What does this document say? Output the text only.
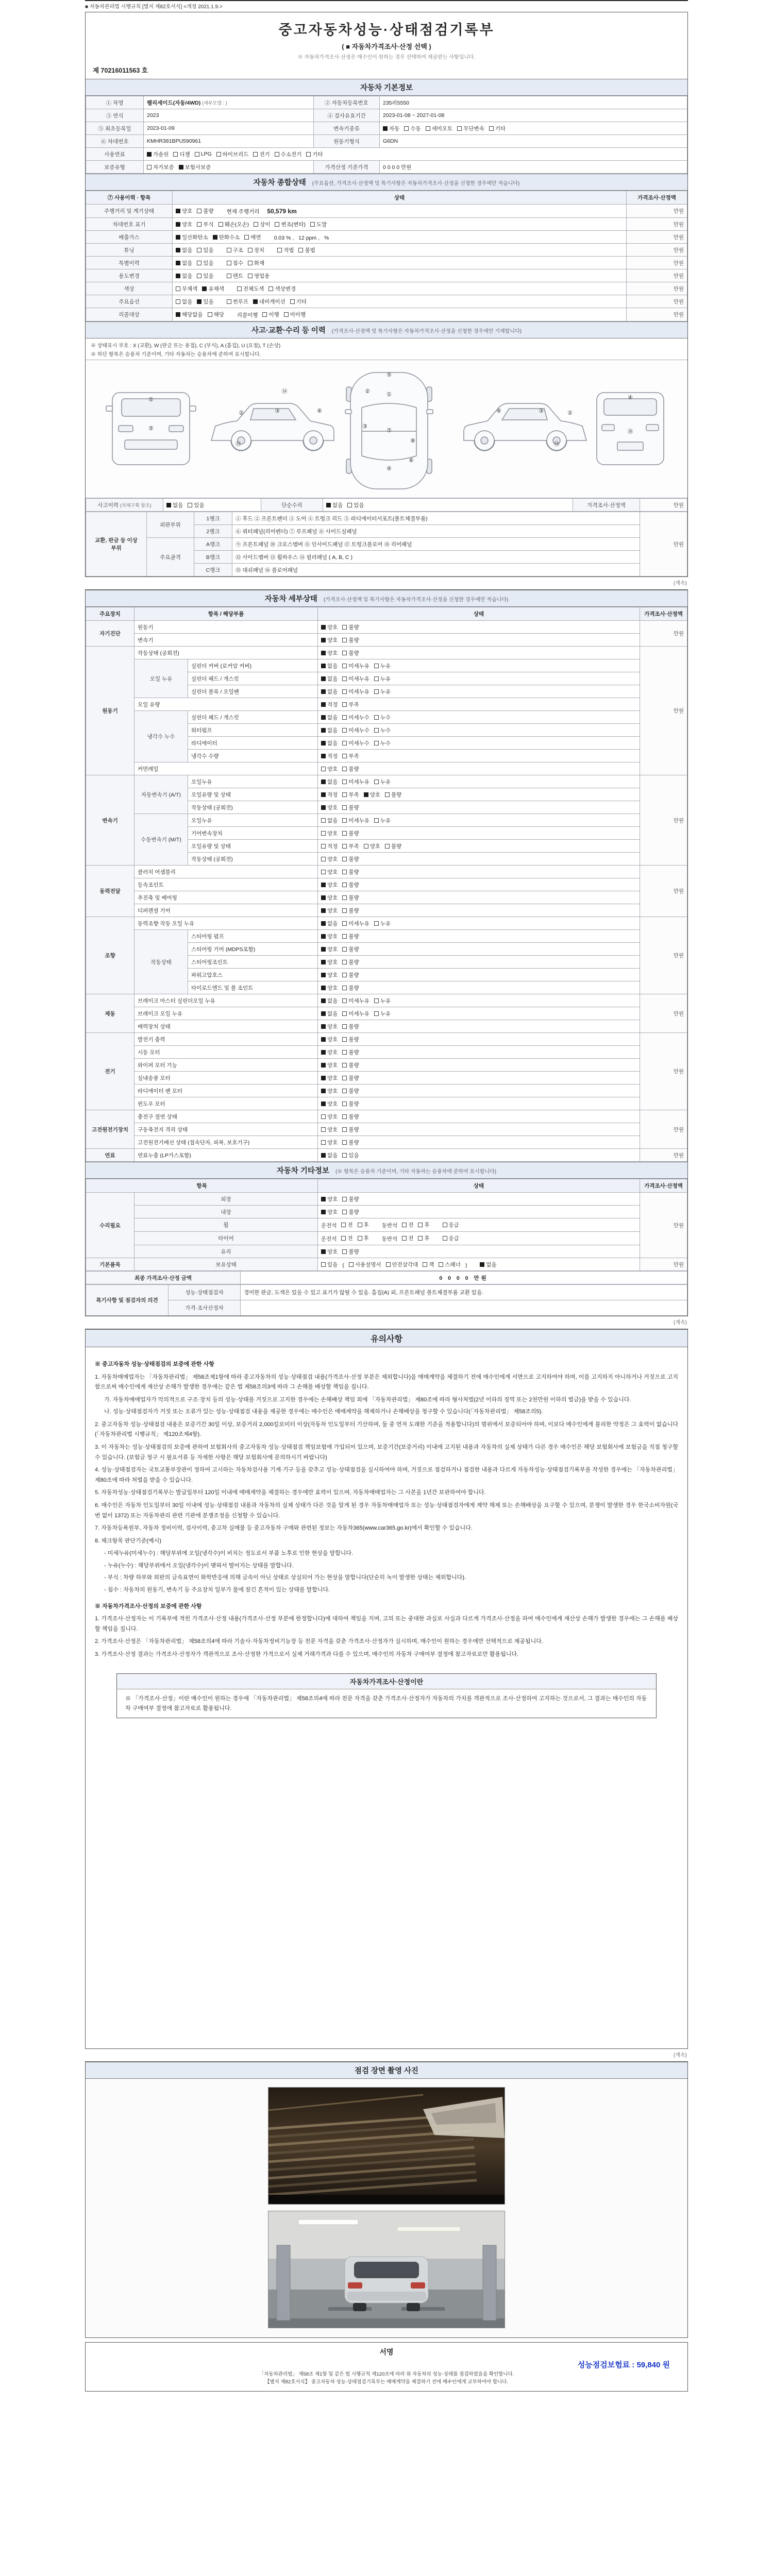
■ 자동차관리법 시행규칙 [별지 제82호서식] <개정 2021.1.9.>
중고자동차성능·상태점검기록부
( ■ 자동차가격조사·산정 선택 )
※ 자동차가격조사·산정은 매수인이 원하는 경우 선택하여 제공받는 사항입니다.
제 70216011563 호
자동차 기본정보
① 차명	펠리세이드(자동/4WD) (세부모델 : )	② 자동차등록번호	235러5550
③ 연식	2023	④ 검사유효기간	2023-01-08 ~ 2027-01-08
⑤ 최초등록일	2023-01-09	변속기종류	자동 수동 세미오토 무단변속 기타

⑥ 차대번호	KMHR381BPU590961	원동기형식	G6DN
사용연료	가솔린 디젤 LPG 하이브리드 전기 수소전기 기타

보증유형	자가보증 보험사보증	가격산정 기준가격	0 0 0 0 만원
자동차 종합상태 (주요옵션, 가격조사·산정액 및 특기사항은 자동차가격조사·산정을 신청한 경우에만 적습니다)
⑦ 사용이력 · 항목	상태	가격조사·산정액
주행거리 및 계기상태	양호 불량 현재 주행거리 50,579 km	만원
차대번호 표기	양호 부식 훼손(오손) 상이 변조(변타) 도말	만원
배출가스	일산화탄소 탄화수소 매연 0.03 % , 12 ppm , %	만원
튜닝	없음 있음	구조 장치	적법 불법	만원
특별이력	없음 있음 침수 화재	만원
용도변경	없음 있음 렌트 영업용	만원
색상	무채색 유채색 전체도색 색상변경	만원
주요옵션	없음 있음 썬루프 네비게이션 기타	만원
리콜대상	해당없음 해당 리콜이행 이행 미이행	만원
사고·교환·수리 등 이력 (가격조사·산정액 및 특기사항은 자동차가격조사·산정을 신청한 경우에만 기재합니다)
※ 상태표시 부호 : X (교환), W (판금 또는 용접), C (부식), A (흠집), U (요철), T (손상)
※ 하단 항목은 승용차 기준이며, 기타 자동차는 승용차에 준하여 표시합니다.
①
⑤
⑬
②	③	⑥
⑭
⑤
①
⑦
④
②
⑥
③
⑧
⑥	③	②
⑬
④
⑱
사고이력 (차체구획 참조)	없음 있음	단순수리	없음 있음	가격조사·산정액	만원
교환, 판금 등 이상 부위	외판부위	1랭크	① 후드 ② 프론트펜더 ③ 도어 ④ 트렁크 리드 ⑤ 라디에이터서포트(볼트체결부품)	만원
		2랭크	⑥ 쿼터패널(리어펜더) ⑦ 루프패널 ⑧ 사이드실패널	
	주요골격	A랭크	⑨ 프론트패널 ⑩ 크로스멤버 ⑪ 인사이드패널 ⑰ 트렁크플로어 ⑱ 리어패널	
		B랭크	⑫ 사이드멤버 ⑬ 휠하우스 ⑭ 필러패널 ( A, B, C )	
		C랭크	⑮ 대쉬패널 ⑯ 플로어패널	
(계속)
자동차 세부상태 (가격조사·산정액 및 특기사항은 자동차가격조사·산정을 신청한 경우에만 적습니다)
주요장치	항목 / 해당부품		상태	가격조사·산정액
자기진단	원동기		양호 불량	만원
	변속기		양호 불량	

원동기	작동상태 (공회전)		양호 불량	만원
	오일 누유	실린더 커버 (로커암 커버)	없음 미세누유 누유	

		실린더 헤드 / 개스킷	없음 미세누유 누유	

		실린더 블록 / 오일팬	없음 미세누유 누유	

	오일 유량		적정 부족	

	냉각수 누수	실린더 헤드 / 개스킷	없음 미세누수 누수	

		워터펌프	없음 미세누수 누수	

		라디에이터	없음 미세누수 누수	

		냉각수 수량	적정 부족	

	커먼레일		양호 불량	

변속기	자동변속기 (A/T)	오일누유	없음 미세누유 누유	만원
		오일유량 및 상태	적정 부족 양호 불량	

		작동상태 (공회전)	양호 불량	

	수동변속기 (M/T)	오일누유	없음 미세누유 누유	

		기어변속장치	양호 불량	

		오일유량 및 상태	적정 부족 양호 불량	

		작동상태 (공회전)	양호 불량	

동력전달	클러치 어셈블리		양호 불량	만원
	등속조인트		양호 불량	

	추진축 및 베어링		양호 불량	

	디퍼렌셜 기어		양호 불량	

조향	동력조향 작동 오일 누유		없음 미세누유 누유	만원
	작동상태	스티어링 펌프	양호 불량	

		스티어링 기어 (MDPS포함)	양호 불량	

		스티어링조인트	양호 불량	

		파워고압호스	양호 불량	

		타이로드엔드 및 볼 조인트	양호 불량	

제동	브레이크 마스터 실린더오일 누유		없음 미세누유 누유	만원
	브레이크 오일 누유		없음 미세누유 누유	

	배력장치 상태		양호 불량	

전기	발전기 출력		양호 불량	만원
	시동 모터		양호 불량	

	와이퍼 모터 기능		양호 불량	

	실내송풍 모터		양호 불량	

	라디에이터 팬 모터		양호 불량	

	윈도우 모터		양호 불량	

고전원전기장치	충전구 절연 상태		양호 불량	만원
	구동축전지 격리 상태		양호 불량	

	고전원전기배선 상태 (접속단자, 피복, 보호기구)		양호 불량	

연료	연료누출 (LP가스포함)		없음 있음	만원
자동차 기타정보 (※ 항목은 승용차 기준이며, 기타 자동차는 승용차에 준하여 표시합니다)
항목		상태	가격조사·산정액
수리필요	외장	양호 불량	만원
	내장	양호 불량	

휠	운전석 전 후 동반석 전 후	응급

타이어	운전석 전 후 동반석 전 후	응급

	유리	양호 불량	

기본품목	보유상태	있음 ( 사용설명서 안전삼각대 잭 스패너 )	없음	만원
최종 가격조사·산정 금액	0 0 0 0 만원
특기사항 및 점검자의 의견	성능·상태점검자	경미한 판금, 도색은 있을 수 있고 표기가 않될 수 있음. 흠집(A) 외, 프론트패널 볼트체결부품 교환 있음.
	가격·조사산정자	
(계속)
유의사항
※ 중고자동차 성능·상태점검의 보증에 관한 사항
1. 자동차매매업자는 「자동차관리법」 제58조제1항에 따라 중고자동차의 성능·상태점검 내용(가격조사·산정 부분은 제외합니다)을 매매계약을 체결하기 전에 매수인에게 서면으로 고지하여야 하며, 이를 고지하지 아니하거나 거짓으로 고지함으로써 매수인에게 재산상 손해가 발생한 경우에는 같은 법 제58조의3에 따라 그 손해를 배상할 책임을 집니다.
가. 자동차매매업자가 악의적으로 구조·장치 등의 성능·상태를 거짓으로 고지한 경우에는 손해배상 책임 외에 「자동차관리법」 제80조에 따라 형사처벌(2년 이하의 징역 또는 2천만원 이하의 벌금)을 받을 수 있습니다.
나. 성능·상태점검자가 거짓 또는 오류가 있는 성능·상태점검 내용을 제공한 경우에는 매수인은 매매계약을 해제하거나 손해배상을 청구할 수 있습니다(「자동차관리법」 제58조의5).
2. 중고자동차 성능·상태점검 내용은 보증기간 30일 이상, 보증거리 2,000킬로미터 이상(자동차 인도일부터 기산하며, 둘 중 먼저 도래한 기준을 적용합니다)의 범위에서 보증되어야 하며, 이보다 매수인에게 불리한 약정은 그 효력이 없습니다(「자동차관리법 시행규칙」 제120조제4항).
3. 이 자동차는 성능·상태점검의 보증에 관하여 보험회사의 중고자동차 성능·상태점검 책임보험에 가입되어 있으며, 보증기간(보증거리) 이내에 고지된 내용과 자동차의 실제 상태가 다른 경우 매수인은 해당 보험회사에 보험금을 직접 청구할 수 있습니다. (보험금 청구 시 필요서류 등 자세한 사항은 해당 보험회사에 문의하시기 바랍니다)
4. 성능·상태점검자는 국토교통부장관이 정하여 고시하는 자동차검사용 기계·기구 등을 갖추고 성능·상태점검을 실시하여야 하며, 거짓으로 점검하거나 점검한 내용과 다르게 자동차성능·상태점검기록부를 작성한 경우에는 「자동차관리법」 제80조에 따라 처벌을 받을 수 있습니다.
5. 자동차성능·상태점검기록부는 발급일부터 120일 이내에 매매계약을 체결하는 경우에만 효력이 있으며, 자동차매매업자는 그 사본을 1년간 보관하여야 합니다.
6. 매수인은 자동차 인도일부터 30일 이내에 성능·상태점검 내용과 자동차의 실제 상태가 다른 것을 알게 된 경우 자동차매매업자 또는 성능·상태점검자에게 계약 해제 또는 손해배상을 요구할 수 있으며, 분쟁이 발생한 경우 한국소비자원(국번 없이 1372) 또는 자동차관리 관련 기관에 분쟁조정을 신청할 수 있습니다.
7. 자동차등록원부, 자동차 정비이력, 검사이력, 중고차 실매물 등 중고자동차 구매와 관련된 정보는 자동차365(www.car365.go.kr)에서 확인할 수 있습니다.
8. 체크항목 판단기준(예시)
- 미세누유(미세누수) : 해당부위에 오일(냉각수)이 비치는 정도로서 부품 노후로 인한 현상을 말합니다.
- 누유(누수) : 해당부위에서 오일(냉각수)이 맺혀서 떨어지는 상태를 말합니다.
- 부식 : 차량 하부와 외판의 금속표면이 화학반응에 의해 금속이 아닌 상태로 상실되어 가는 현상을 말합니다(단순히 녹이 발생한 상태는 제외합니다).
- 침수 : 자동차의 원동기, 변속기 등 주요장치 일부가 물에 잠긴 흔적이 있는 상태를 말합니다.
※ 자동차가격조사·산정의 보증에 관한 사항
1. 가격조사·산정자는 이 기록부에 적힌 가격조사·산정 내용(가격조사·산정 부분에 한정합니다)에 대하여 책임을 지며, 고의 또는 중대한 과실로 사실과 다르게 가격조사·산정을 하여 매수인에게 재산상 손해가 발생한 경우에는 그 손해를 배상할 책임을 집니다.
2. 가격조사·산정은 「자동차관리법」 제58조의4에 따라 기술사·자동차정비기능장 등 전문 자격을 갖춘 가격조사·산정자가 실시하며, 매수인이 원하는 경우에만 선택적으로 제공됩니다.
3. 가격조사·산정 결과는 가격조사·산정자가 객관적으로 조사·산정한 가격으로서 실제 거래가격과 다를 수 있으며, 매수인의 자동차 구매여부 결정에 참고자료로만 활용됩니다.
자동차가격조사·산정이란
※ 「가격조사·산정」이란 매수인이 원하는 경우에 「자동차관리법」 제58조의4에 따라 전문 자격을 갖춘 가격조사·산정자가 자동차의 가치를 객관적으로 조사·산정하여 고지하는 것으로서, 그 결과는 매수인의 자동차 구매여부 결정에 참고자료로 활용됩니다.
(계속)
점검 장면 촬영 사진
서명
성능점검보험료 : 59,840 원
「자동차관리법」 제58조 제1항 및 같은 법 시행규칙 제120조에 따라 위 자동차의 성능·상태를 점검하였음을 확인합니다.
【별지 제82호서식】 중고자동차 성능·상태점검기록부는 매매계약을 체결하기 전에 매수인에게 교부하여야 합니다.
